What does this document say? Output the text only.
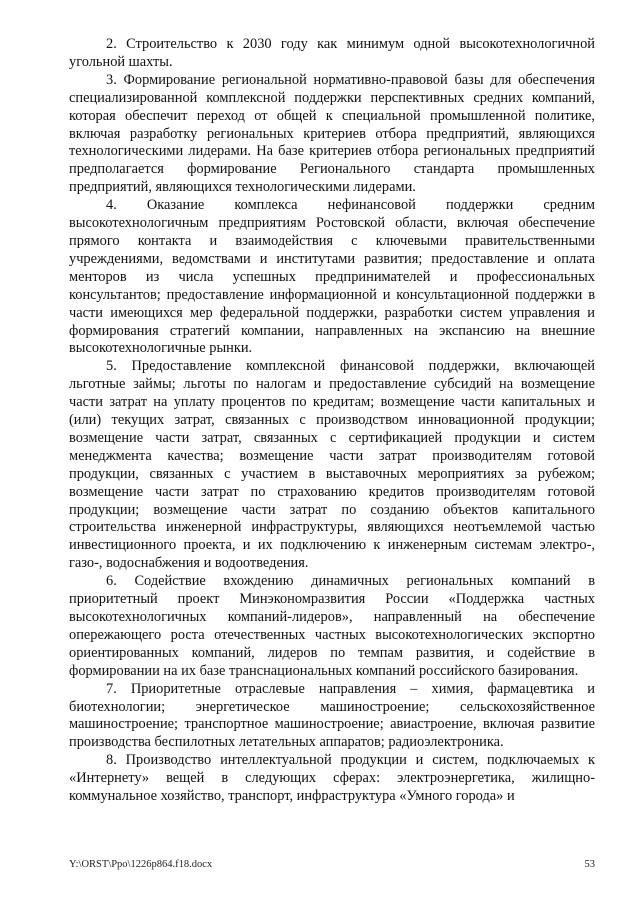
2. Строительство к 2030 году как минимум одной высокотехнологичной угольной шахты.

3. Формирование региональной нормативно-правовой базы для обеспечения специализированной комплексной поддержки перспективных средних компаний, которая обеспечит переход от общей к специальной промышленной политике, включая разработку региональных критериев отбора предприятий, являющихся технологическими лидерами. На базе критериев отбора региональных предприятий предполагается формирование Регионального стандарта промышленных предприятий, являющихся технологическими лидерами.

4. Оказание комплекса нефинансовой поддержки средним высокотехнологичным предприятиям Ростовской области, включая обеспечение прямого контакта и взаимодействия с ключевыми правительственными учреждениями, ведомствами и институтами развития; предоставление и оплата менторов из числа успешных предпринимателей и профессиональных консультантов; предоставление информационной и консультационной поддержки в части имеющихся мер федеральной поддержки, разработки систем управления и формирования стратегий компании, направленных на экспансию на внешние высокотехнологичные рынки.

5. Предоставление комплексной финансовой поддержки, включающей льготные займы; льготы по налогам и предоставление субсидий на возмещение части затрат на уплату процентов по кредитам; возмещение части капитальных и (или) текущих затрат, связанных с производством инновационной продукции; возмещение части затрат, связанных с сертификацией продукции и систем менеджмента качества; возмещение части затрат производителям готовой продукции, связанных с участием в выставочных мероприятиях за рубежом; возмещение части затрат по страхованию кредитов производителям готовой продукции; возмещение части затрат по созданию объектов капитального строительства инженерной инфраструктуры, являющихся неотъемлемой частью инвестиционного проекта, и их подключению к инженерным системам электро-, газо-, водоснабжения и водоотведения.

6. Содействие вхождению динамичных региональных компаний в приоритетный проект Минэкономразвития России «Поддержка частных высокотехнологичных компаний-лидеров», направленный на обеспечение опережающего роста отечественных частных высокотехнологических экспортно ориентированных компаний, лидеров по темпам развития, и содействие в формировании на их базе транснациональных компаний российского базирования.

7. Приоритетные отраслевые направления – химия, фармацевтика и биотехнологии; энергетическое машиностроение; сельскохозяйственное машиностроение; транспортное машиностроение; авиастроение, включая развитие производства беспилотных летательных аппаратов; радиоэлектроника.

8. Производство интеллектуальной продукции и систем, подключаемых к «Интернету» вещей в следующих сферах: электроэнергетика, жилищно-коммунальное хозяйство, транспорт, инфраструктура «Умного города» и

Y:\ORST\Ppo\1226p864.f18.docx	53
